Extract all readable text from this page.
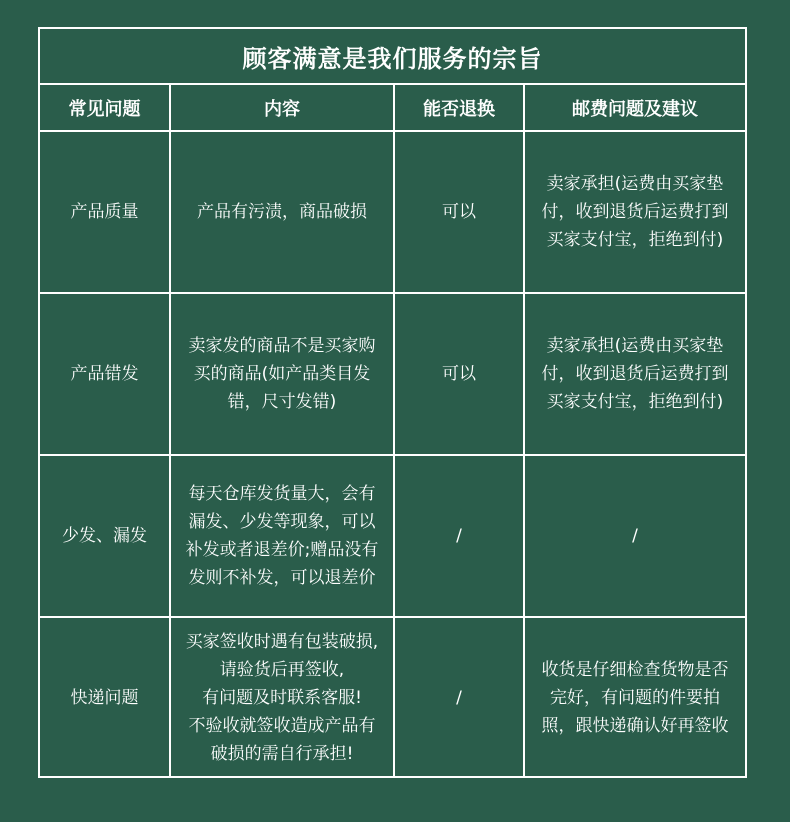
顾客满意是我们服务的宗旨
常见问题	内容	能否退换	邮费问题及建议

产品质量	产品有污渍，商品破损	可以	卖家承担(运费由买家垫
付，收到退货后运费打到
买家支付宝，拒绝到付)

产品错发	卖家发的商品不是买家购
买的商品(如产品类目发
错，尺寸发错)	可以	卖家承担(运费由买家垫
付，收到退货后运费打到
买家支付宝，拒绝到付)

少发、漏发	每天仓库发货量大，会有
漏发、少发等现象，可以
补发或者退差价;赠品没有
发则不补发，可以退差价	/	/

快递问题	买家签收时遇有包装破损,
请验货后再签收,
有问题及时联系客服!
不验收就签收造成产品有
破损的需自行承担!	/	收货是仔细检查货物是否
完好，有问题的件要拍
照，跟快递确认好再签收
